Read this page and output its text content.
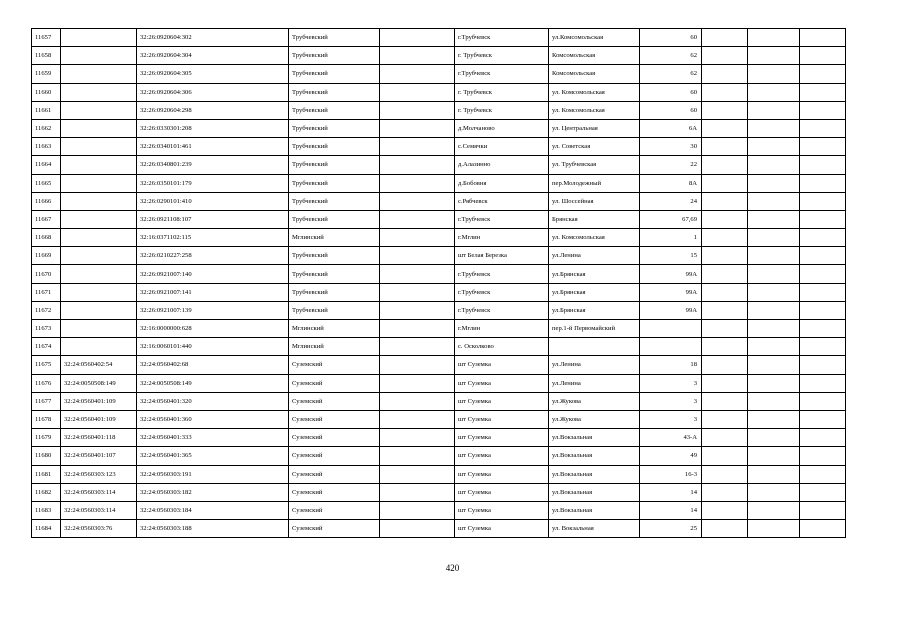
11657		32:26:0920604:302	Трубчевский		г.Трубчевск	ул.Комсомольская	60			
11658		32:26:0920604:304	Трубчевский		г. Трубчевск	Комсомольская	62			
11659		32:26:0920604:305	Трубчевский		г.Трубчевск	Комсомольская	62			
11660		32:26:0920604:306	Трубчевский		г. Трубчевск	ул. Комсомольская	60			
11661		32:26:0920604:298	Трубчевский		г. Трубчевск	ул. Комсомольская	60			
11662		32:26:0330301:208	Трубчевский		д.Молчаново	ул. Центральная	6А			
11663		32:26:0340101:461	Трубчевский		с.Семячки	ул. Советская	30			
11664		32:26:0340801:239	Трубчевский		д.Алазинно	ул. Трубчевская	22			
11665		32:26:0350101:179	Трубчевский		д.Бобовня	пер.Молодежный	8А			
11666		32:26:0290101:410	Трубчевский		с.Рябчевск	ул. Шоссейная	24			
11667		32:26:0921108:107	Трубчевский		г.Трубчевск	Брянская	67,69			
11668		32:16:0371102:115	Мглинский		г.Мглин	ул. Комсомольская	1			
11669		32:26:0210227:258	Трубчевский		шт Белая Березка	ул.Ленина	15			
11670		32:26:0921007:140	Трубчевский		г.Трубчевск	ул.Брянская	99А			
11671		32:26:0921007:141	Трубчевский		г.Трубчевск	ул.Брянская	99А			
11672		32:26:0921007:139	Трубчевский		г.Трубчевск	ул.Брянская	99А			
11673		32:16:0000000:628	Мглинский		г.Мглин	пер.1-й Первомайский				
11674		32:16:0060101:440	Мглинский		с. Осколково					
11675	32:24:0560402:54	32:24:0560402:68	Суземский		шт Суземка	ул.Ленина	18			
11676	32:24:0050508:149	32:24:0050508:149	Суземский		шт Суземка	ул.Ленина	3			
11677	32:24:0560401:109	32:24:0560401:320	Суземский		шт Суземка	ул.Жукова	3			
11678	32:24:0560401:109	32:24:0560401:360	Суземский		шт Суземка	ул.Жукова	3			
11679	32:24:0560401:118	32:24:0560401:333	Суземский		шт Суземка	ул.Вокзальная	43-А			
11680	32:24:0560401:107	32:24:0560401:365	Суземский		шт Суземка	ул.Вокзальная	49			
11681	32:24:0560303:123	32:24:0560303:191	Суземский		шт Суземка	ул.Вокзальная	16-3			
11682	32:24:0560303:114	32:24:0560303:182	Суземский		шт Суземка	ул.Вокзальная	14			
11683	32:24:0560303:114	32:24:0560303:184	Суземский		шт Суземка	ул.Вокзальная	14			
11684	32:24:0560303:76	32:24:0560303:188	Суземский		шт Суземка	ул. Вокзальная	25			
420
